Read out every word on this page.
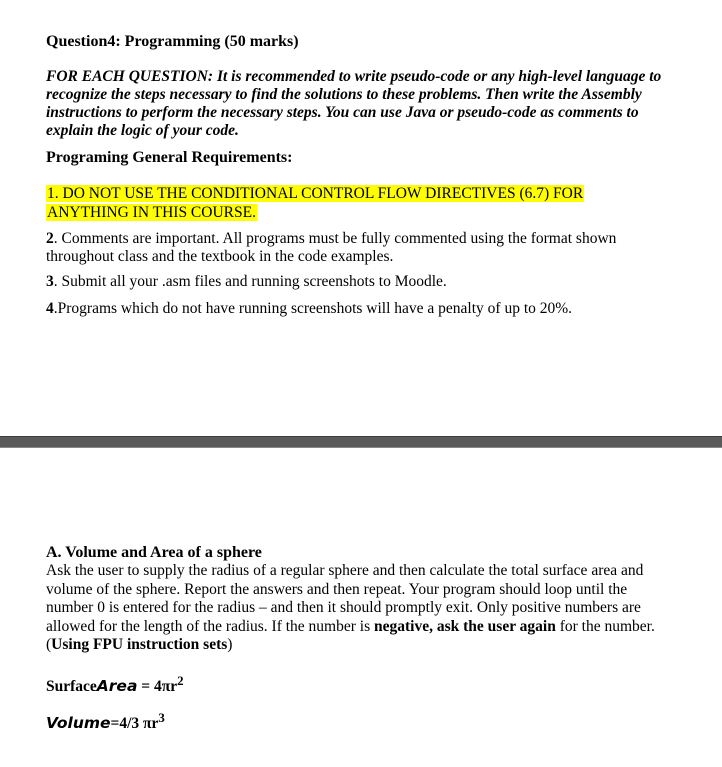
Question4: Programming (50 marks)
FOR EACH QUESTION: It is recommended to write pseudo-code or any high-level language to recognize the steps necessary to find the solutions to these problems. Then write the Assembly instructions to perform the necessary steps. You can use Java or pseudo-code as comments to explain the logic of your code.
Programing General Requirements:
1. DO NOT USE THE CONDITIONAL CONTROL FLOW DIRECTIVES (6.7) FOR
ANYTHING IN THIS COURSE.
2. Comments are important. All programs must be fully commented using the format shown throughout class and the textbook in the code examples.
3. Submit all your .asm files and running screenshots to Moodle.
4.Programs which do not have running screenshots will have a penalty of up to 20%.
A. Volume and Area of a sphere
Ask the user to supply the radius of a regular sphere and then calculate the total surface area and volume of the sphere. Report the answers and then repeat. Your program should loop until the number 0 is entered for the radius – and then it should promptly exit. Only positive numbers are allowed for the length of the radius. If the number is negative, ask the user again for the number. (Using FPU instruction sets)
SurfaceArea = $4\pi r^2$
Volume=4/3 $\pi r^3$
